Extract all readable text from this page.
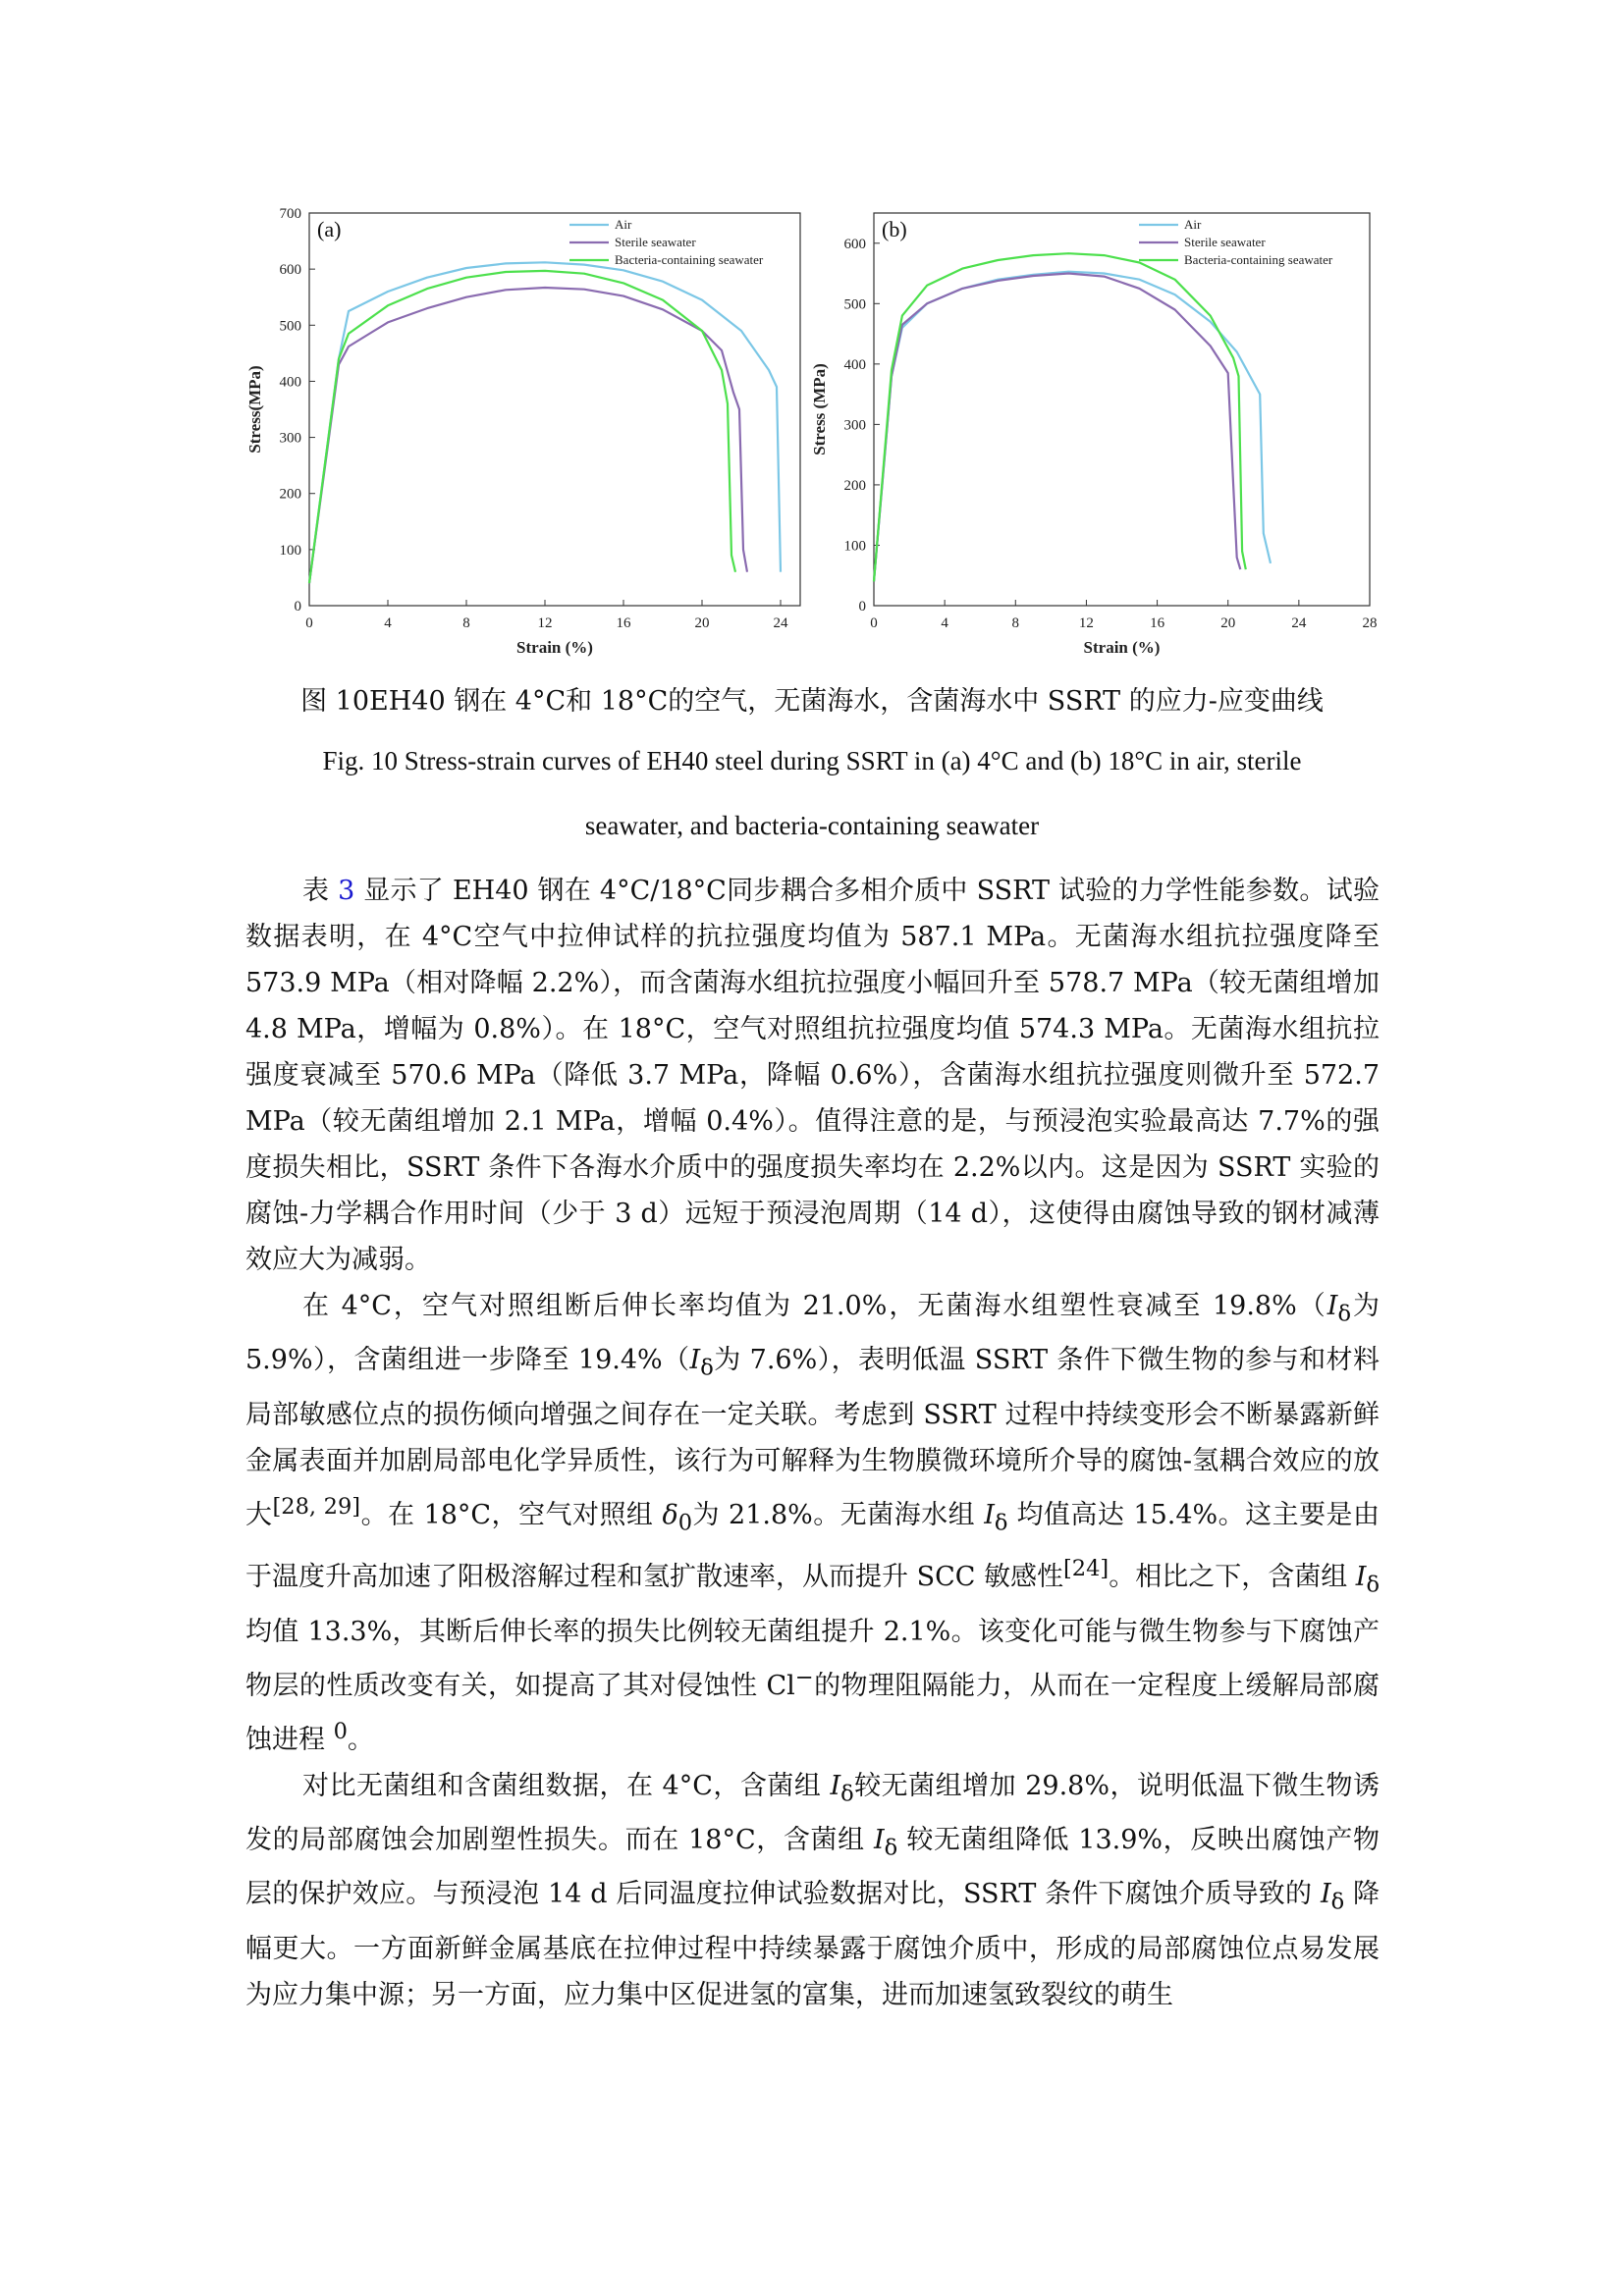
0	4	8	12	16	20	24
0
100
200
300
400
500
600
700
Strain (%)
Stress(MPa)
(a)	Air
Sterile seawater
Bacteria-containing seawater
0	4	8	12	16	20	24	28
0
100
200
300
400
500
600
Strain (%)
Stress (MPa)
(b)	Air
Sterile seawater
Bacteria-containing seawater
图 10EH40 钢在 4°C和 18°C的空气，无菌海水，含菌海水中 SSRT 的应力-应变曲线
Fig. 10 Stress-strain curves of EH40 steel during SSRT in (a) 4°C and (b) 18°C in air, sterile
seawater, and bacteria-containing seawater

表 3 显示了 EH40 钢在 4°C/18°C同步耦合多相介质中 SSRT 试验的力学性能参数。试验数据表明，在 4°C空气中拉伸试样的抗拉强度均值为 587.1 MPa。无菌海水组抗拉强度降至 573.9 MPa（相对降幅 2.2%），而含菌海水组抗拉强度小幅回升至 578.7 MPa（较无菌组增加 4.8 MPa，增幅为 0.8%）。在 18°C，空气对照组抗拉强度均值 574.3 MPa。无菌海水组抗拉强度衰减至 570.6 MPa（降低 3.7 MPa，降幅 0.6%），含菌海水组抗拉强度则微升至 572.7 MPa（较无菌组增加 2.1 MPa，增幅 0.4%）。值得注意的是，与预浸泡实验最高达 7.7%的强度损失相比，SSRT 条件下各海水介质中的强度损失率均在 2.2%以内。这是因为 SSRT 实验的腐蚀-力学耦合作用时间（少于 3 d）远短于预浸泡周期（14 d），这使得由腐蚀导致的钢材减薄效应大为减弱。

在 4°C，空气对照组断后伸长率均值为 21.0%，无菌海水组塑性衰减至 $19.8\%(I_\delta$为 5.9%），含菌组进一步降至 $19.4\%(I_\delta$为 7.6%），表明低温 SSRT 条件下微生物的参与和材料局部敏感位点的损伤倾向增强之间存在一定关联。考虑到 SSRT 过程中持续变形会不断暴露新鲜金属表面并加剧局部电化学异质性，该行为可解释为生物膜微环境所介导的腐蚀-氢耦合效应的放大[28, 29]。在 18°C，空气对照组 $\delta_0$为 21.8%。无菌海水组 $I_\delta$ 均值高达 15.4%。这主要是由于温度升高加速了阳极溶解过程和氢扩散速率，从而提升 SCC 敏感性[24]。相比之下，含菌组 $I_\delta$ 均值 13.3%，其断后伸长率的损失比例较无菌组提升 2.1%。该变化可能与微生物参与下腐蚀产物层的性质改变有关，如提高了其对侵蚀性 Cl−的物理阻隔能力，从而在一定程度上缓解局部腐蚀进程 $^0$。

对比无菌组和含菌组数据，在 4°C，含菌组 $I_\delta$较无菌组增加 29.8%，说明低温下微生物诱发的局部腐蚀会加剧塑性损失。而在 18°C，含菌组 $I_\delta$ 较无菌组降低 13.9%，反映出腐蚀产物层的保护效应。与预浸泡 14 d 后同温度拉伸试验数据对比，SSRT 条件下腐蚀介质导致的 $I_\delta$ 降幅更大。一方面新鲜金属基底在拉伸过程中持续暴露于腐蚀介质中，形成的局部腐蚀位点易发展为应力集中源；另一方面，应力集中区促进氢的富集，进而加速氢致裂纹的萌生
